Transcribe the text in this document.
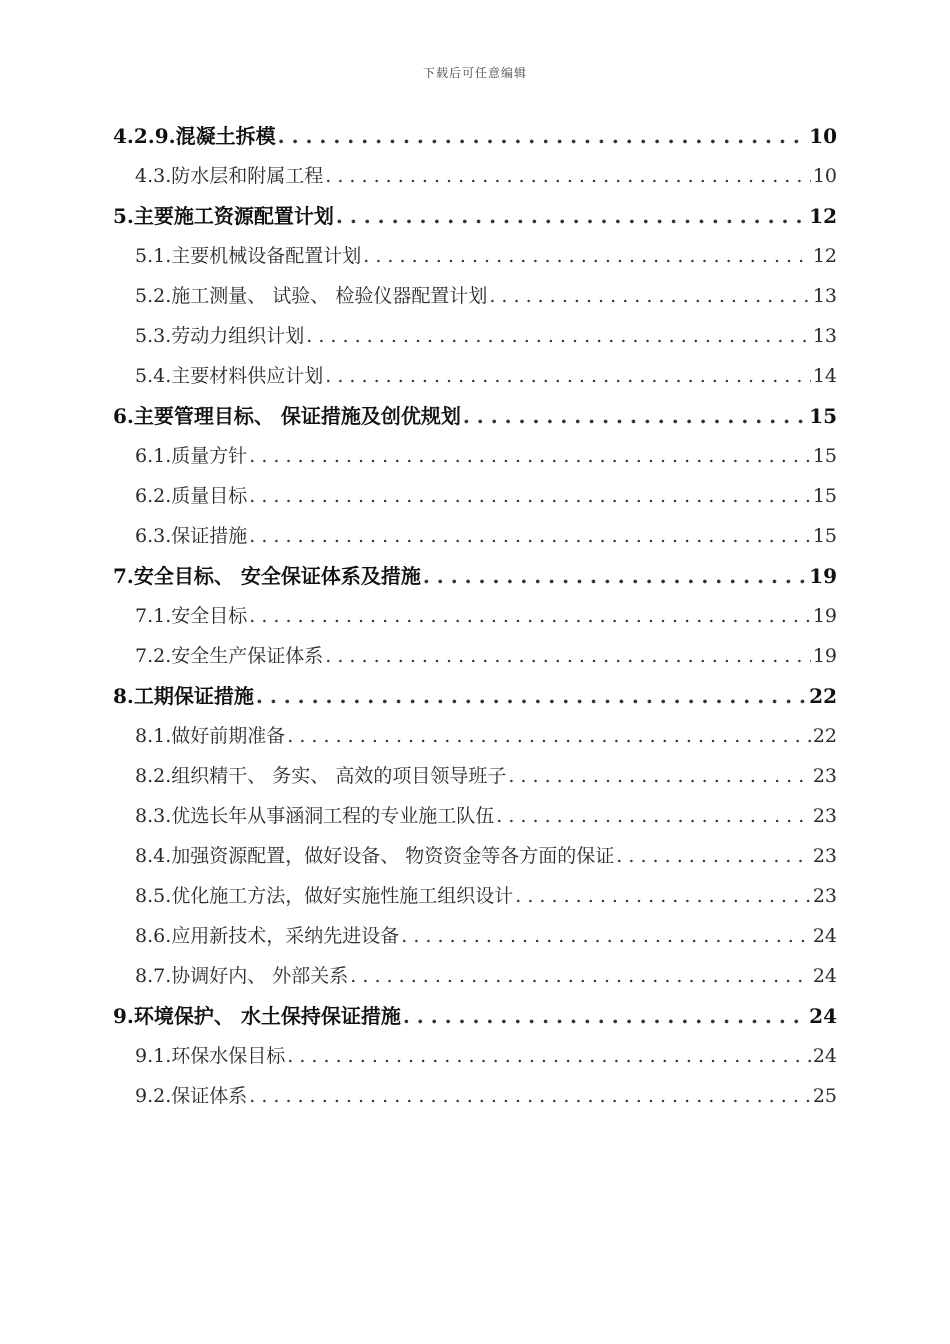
下载后可任意编辑
4.2.9.混凝土拆模 . . .	10
4.3.防水层和附属工程 . . .	10
5.主要施工资源配置计划 . . .	12
5.1.主要机械设备配置计划 . . .	12
5.2.施工测量、 试验、 检验仪器配置计划 . . .	13
5.3.劳动力组织计划 . . .	13
5.4.主要材料供应计划 . . .	14
6.主要管理目标、 保证措施及创优规划 . . .	15
6.1.质量方针 . . .	15
6.2.质量目标 . . .	15
6.3.保证措施 . . .	15
7.安全目标、 安全保证体系及措施 . . .	19
7.1.安全目标 . . .	19
7.2.安全生产保证体系 . . .	19
8.工期保证措施 . . .	22
8.1.做好前期准备 . . .	22
8.2.组织精干、 务实、 高效的项目领导班子 . . .	23
8.3.优选长年从事涵洞工程的专业施工队伍 . . .	23
8.4.加强资源配置，做好设备、 物资资金等各方面的保证 . . .	23
8.5.优化施工方法，做好实施性施工组织设计 . . .	23
8.6.应用新技术，采纳先进设备 . . .	24
8.7.协调好内、 外部关系 . . .	24
9.环境保护、 水土保持保证措施 . . .	24
9.1.环保水保目标 . . .	24
9.2.保证体系 . . .	25
